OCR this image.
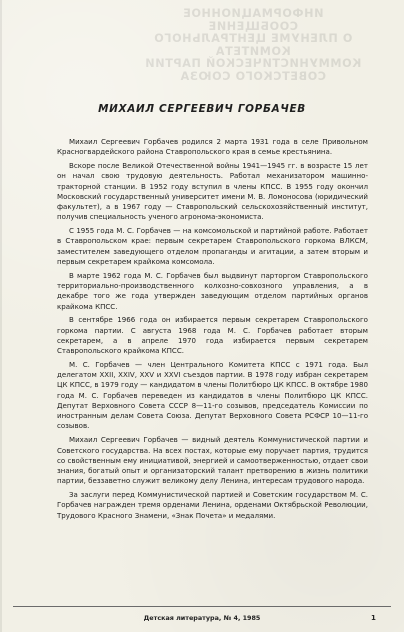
ИНФОРМАЦИОННОЕ СООБЩЕНИЕ
О ПЛЕНУМЕ ЦЕНТРАЛЬНОГО КОМИТЕТА
КОММУНИСТИЧЕСКОЙ ПАРТИИ
СОВЕТСКОГО СОЮЗА
МИХАИЛ СЕРГЕЕВИЧ ГОРБАЧЕВ

Михаил Сергеевич Горбачев родился 2 марта 1931 года в селе Привольном Красногвардейского района Ставропольского края в семье крестьянина.

Вскоре после Великой Отечественной войны 1941—1945 гг. в возрасте 15 лет он начал свою трудовую деятельность. Работал механизатором машинно-тракторной станции. В 1952 году вступил в члены КПСС. В 1955 году окончил Московский государственный университет имени М. В. Ломоносова (юридический факультет), а в 1967 году — Ставропольский сельскохозяйственный институт, получив специальность ученого агронома-экономиста.

С 1955 года М. С. Горбачев — на комсомольской и партийной работе. Работает в Ставропольском крае: первым секретарем Ставропольского горкома ВЛКСМ, заместителем заведующего отделом пропаганды и агитации, а затем вторым и первым секретарем крайкома комсомола.

В марте 1962 года М. С. Горбачев был выдвинут парторгом Ставропольского территориально-производственного колхозно-совхозного управления, а в декабре того же года утвержден заведующим отделом партийных органов крайкома КПСС.

В сентябре 1966 года он избирается первым секретарем Ставропольского горкома партии. С августа 1968 года М. С. Горбачев работает вторым секретарем, а в апреле 1970 года избирается первым секретарем Ставропольского крайкома КПСС.

М. С. Горбачев — член Центрального Комитета КПСС с 1971 года. Был делегатом XXII, XXIV, XXV и XXVI съездов партии. В 1978 году избран секретарем ЦК КПСС, в 1979 году — кандидатом в члены Политбюро ЦК КПСС. В октябре 1980 года М. С. Горбачев переведен из кандидатов в члены Политбюро ЦК КПСС. Депутат Верховного Совета СССР 8—11-го созывов, председатель Комиссии по иностранным делам Совета Союза. Депутат Верховного Совета РСФСР 10—11-го созывов.

Михаил Сергеевич Горбачев — видный деятель Коммунистической партии и Советского государства. На всех постах, которые ему поручает партия, трудится со свойственным ему инициативой, энергией и самоотверженностью, отдает свои знания, богатый опыт и организаторский талант претворению в жизнь политики партии, беззаветно служит великому делу Ленина, интересам трудового народа.

За заслуги перед Коммунистической партией и Советским государством М. С. Горбачев награжден тремя орденами Ленина, орденами Октябрьской Революции, Трудового Красного Знамени, «Знак Почета» и медалями.

Детская литература, № 4, 1985	1
